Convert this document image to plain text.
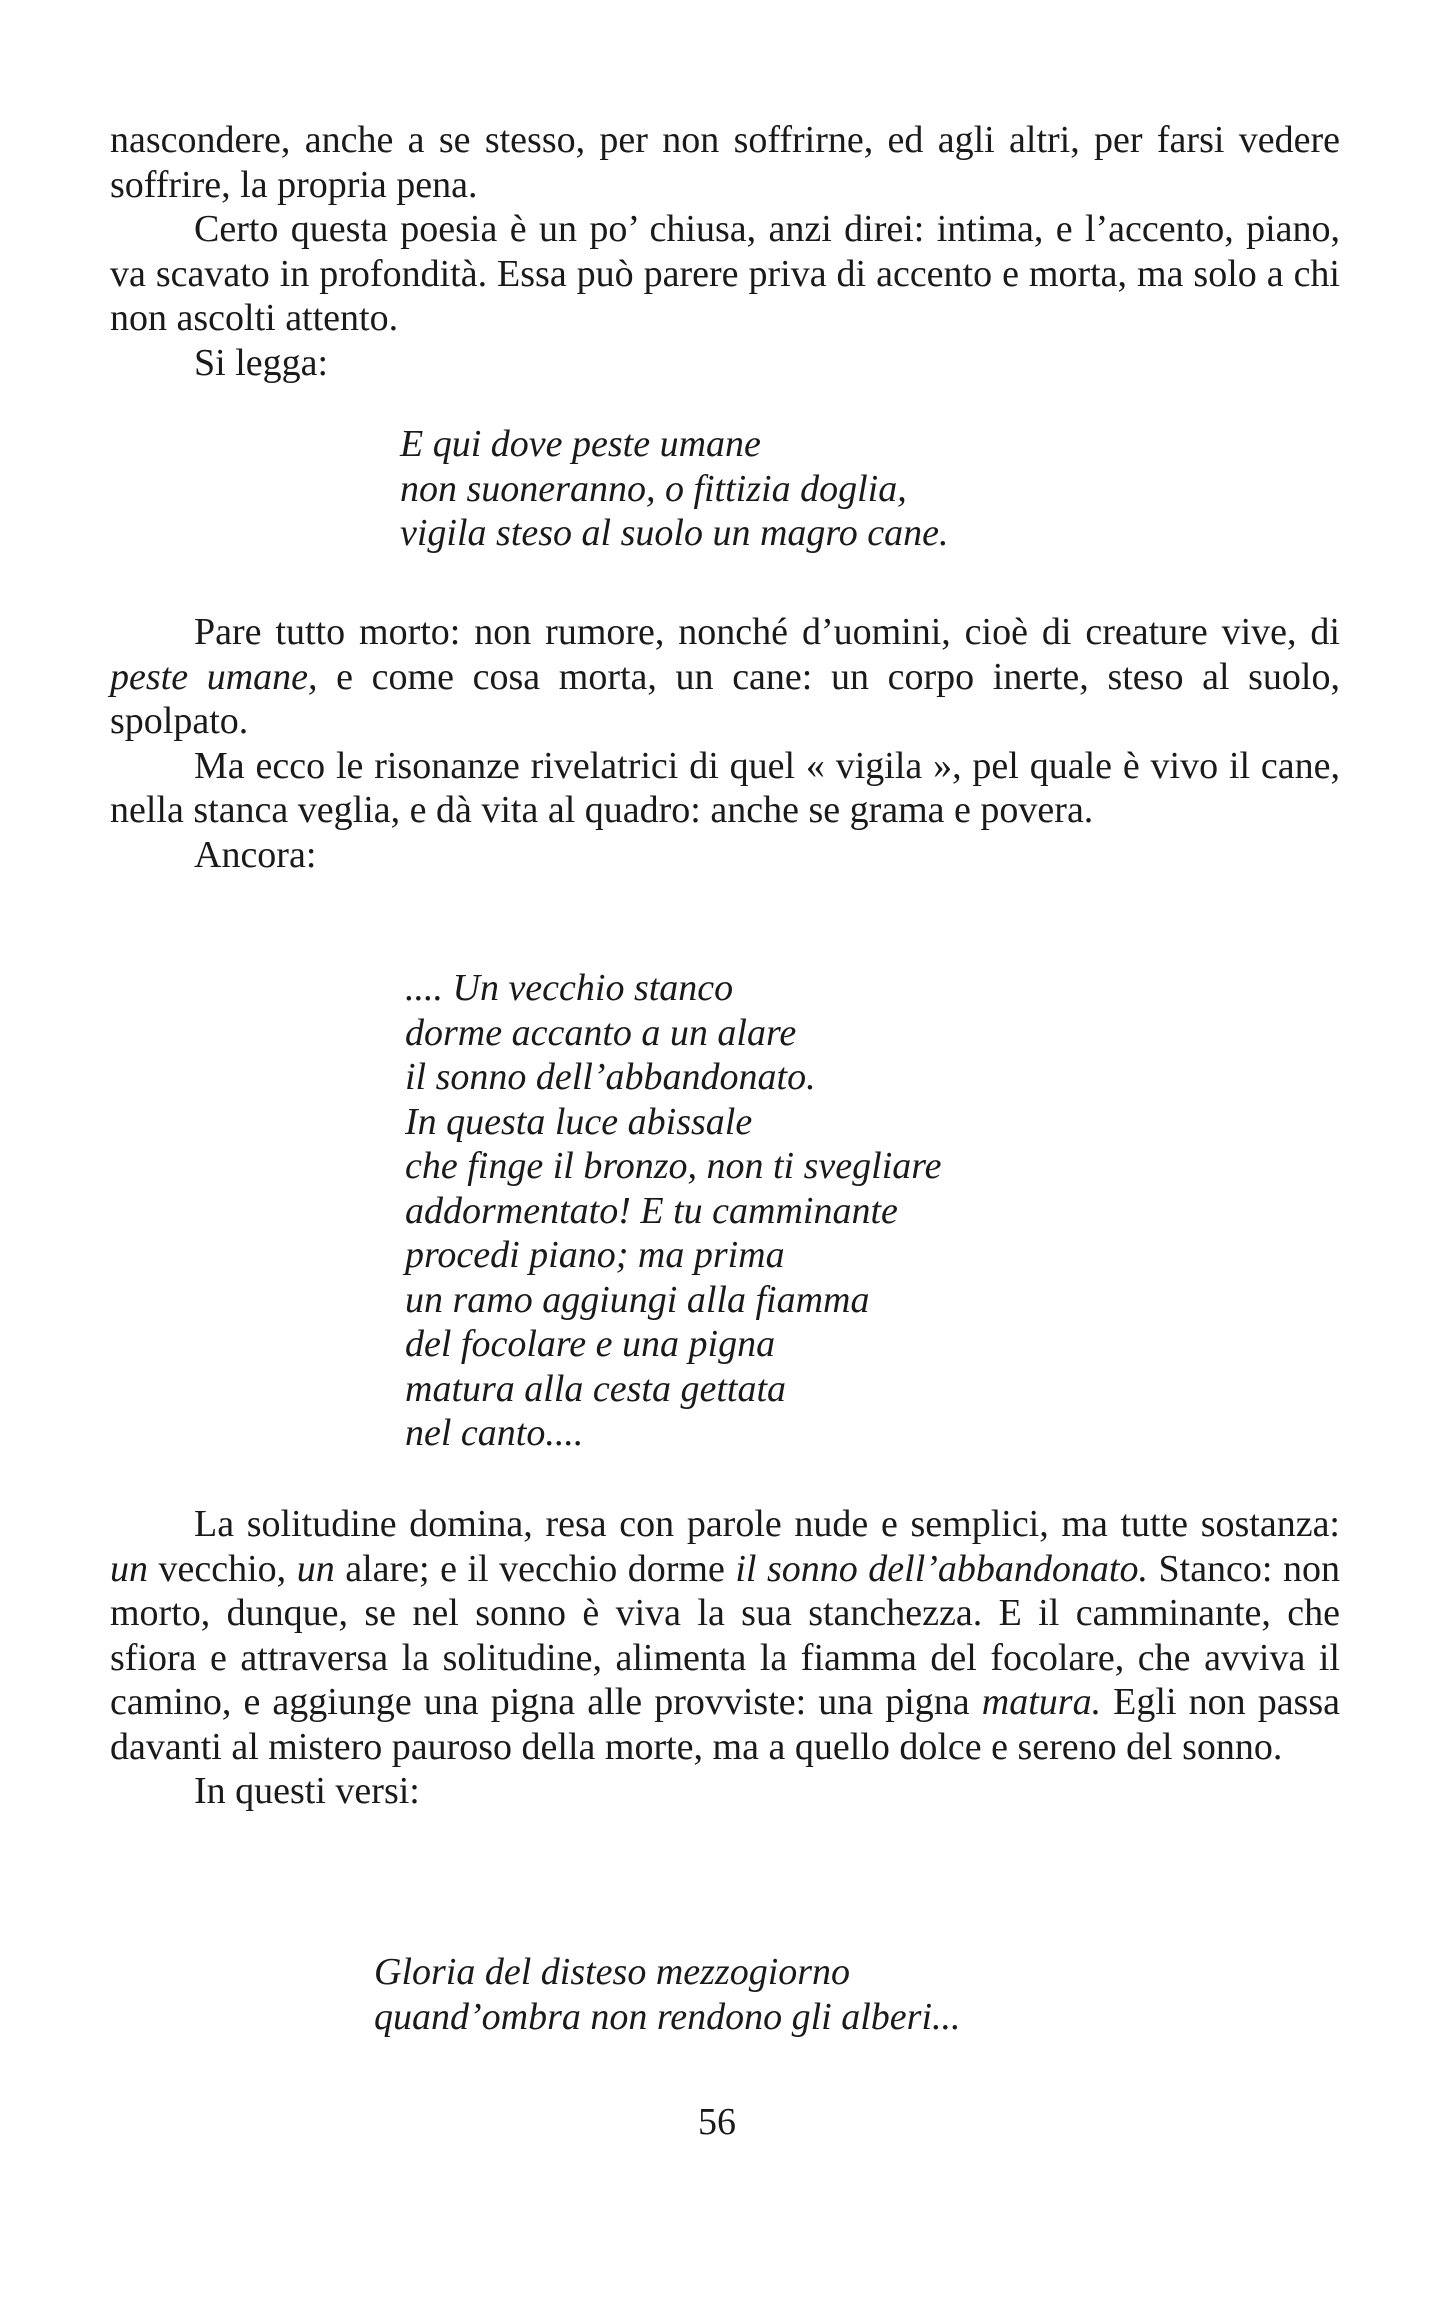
nascondere, anche a se stesso, per non soffrirne, ed agli altri, per farsi vedere soffrire, la propria pena.

Certo questa poesia è un po’ chiusa, anzi direi: intima, e l’accento, piano, va scavato in profondità. Essa può parere priva di accento e morta, ma solo a chi non ascolti attento.

Si legga:

E qui dove peste umane
non suoneranno, o fittizia doglia,
vigila steso al suolo un magro cane.

Pare tutto morto: non rumore, nonché d’uomini, cioè di creature vive, di peste umane, e come cosa morta, un cane: un corpo inerte, steso al suolo, spolpato.

Ma ecco le risonanze rivelatrici di quel « vigila », pel quale è vivo il cane, nella stanca veglia, e dà vita al quadro: anche se grama e povera.

Ancora:

.... Un vecchio stanco
dorme accanto a un alare
il sonno dell’abbandonato.
In questa luce abissale
che finge il bronzo, non ti svegliare
addormentato! E tu camminante
procedi piano; ma prima
un ramo aggiungi alla fiamma
del focolare e una pigna
matura alla cesta gettata
nel canto....

La solitudine domina, resa con parole nude e semplici, ma tutte sostanza: un vecchio, un alare; e il vecchio dorme il sonno dell’abbandonato. Stanco: non morto, dunque, se nel sonno è viva la sua stanchezza. E il camminante, che sfiora e attraversa la solitudine, alimenta la fiamma del focolare, che avviva il camino, e aggiunge una pigna alle provviste: una pigna matura. Egli non passa davanti al mistero pauroso della morte, ma a quello dolce e sereno del sonno.

In questi versi:

Gloria del disteso mezzogiorno
quand’ombra non rendono gli alberi...
56
